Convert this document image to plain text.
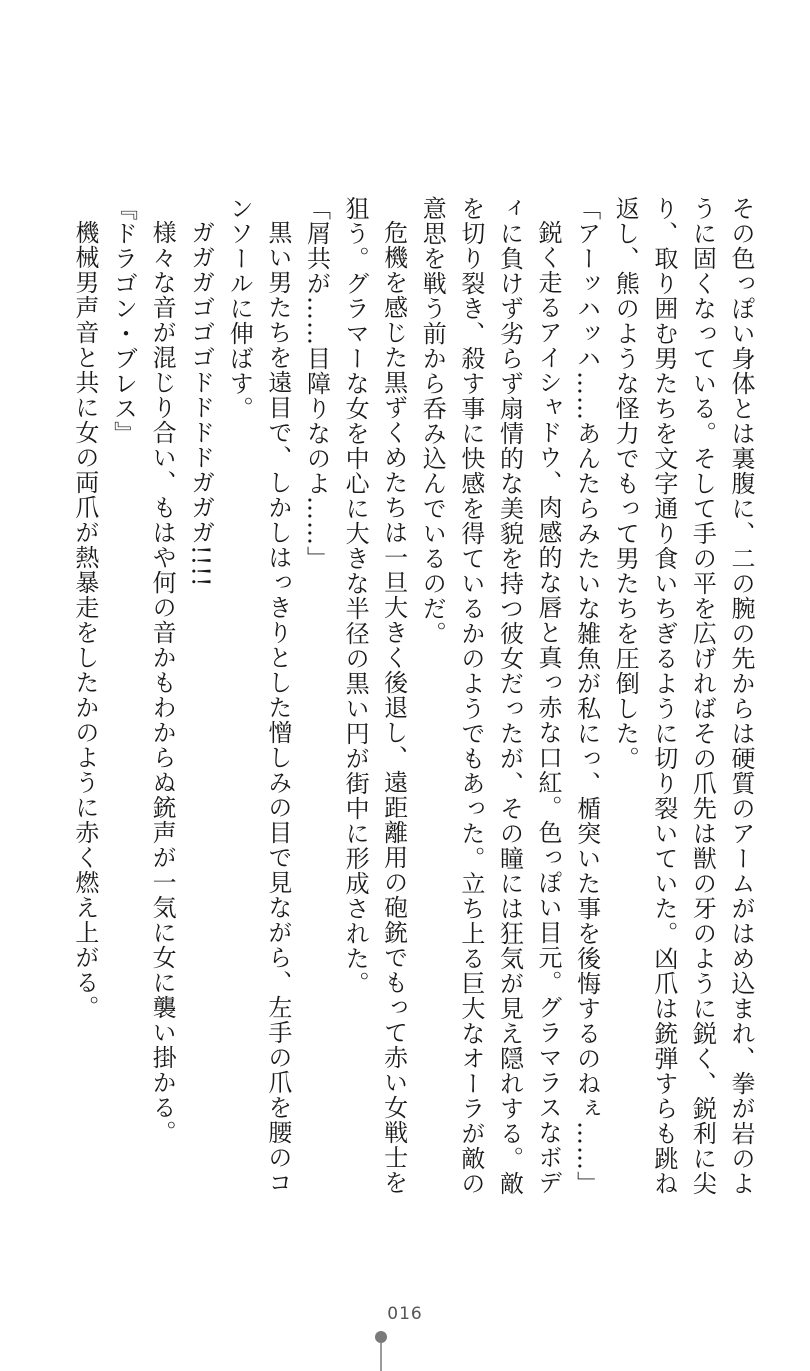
その色っぽい身体とは裏腹に、二の腕の先からは硬質のアームがはめ込まれ、拳が岩のように固くなっている。そして手の平を広げればその爪先は獣の牙のように鋭く、鋭利に尖り、取り囲む男たちを文字通り食いちぎるように切り裂いていた。凶爪は銃弾すらも跳ね返し、熊のような怪力でもって男たちを圧倒した。

「アーッハッハ……あんたらみたいな雑魚が私にっ、楯突いた事を後悔するのねぇ……」

鋭く走るアイシャドウ、肉感的な唇と真っ赤な口紅。色っぽい目元。グラマラスなボディに負けず劣らず扇情的な美貌を持つ彼女だったが、その瞳には狂気が見え隠れする。敵を切り裂き、殺す事に快感を得ているかのようでもあった。立ち上る巨大なオーラが敵の意思を戦う前から呑み込んでいるのだ。

危機を感じた黒ずくめたちは一旦大きく後退し、遠距離用の砲銃でもって赤い女戦士を狙う。グラマーな女を中心に大きな半径の黒い円が街中に形成された。

「屑共が……目障りなのよ……」

黒い男たちを遠目で、しかしはっきりとした憎しみの目で見ながら、左手の爪を腰のコンソールに伸ばす。

ガガガゴゴゴドドドドガガガ!!!!

様々な音が混じり合い、もはや何の音かもわからぬ銃声が一気に女に襲い掛かる。

『ドラゴン・ブレス』

機械男声音と共に女の両爪が熱暴走をしたかのように赤く燃え上がる。

016
